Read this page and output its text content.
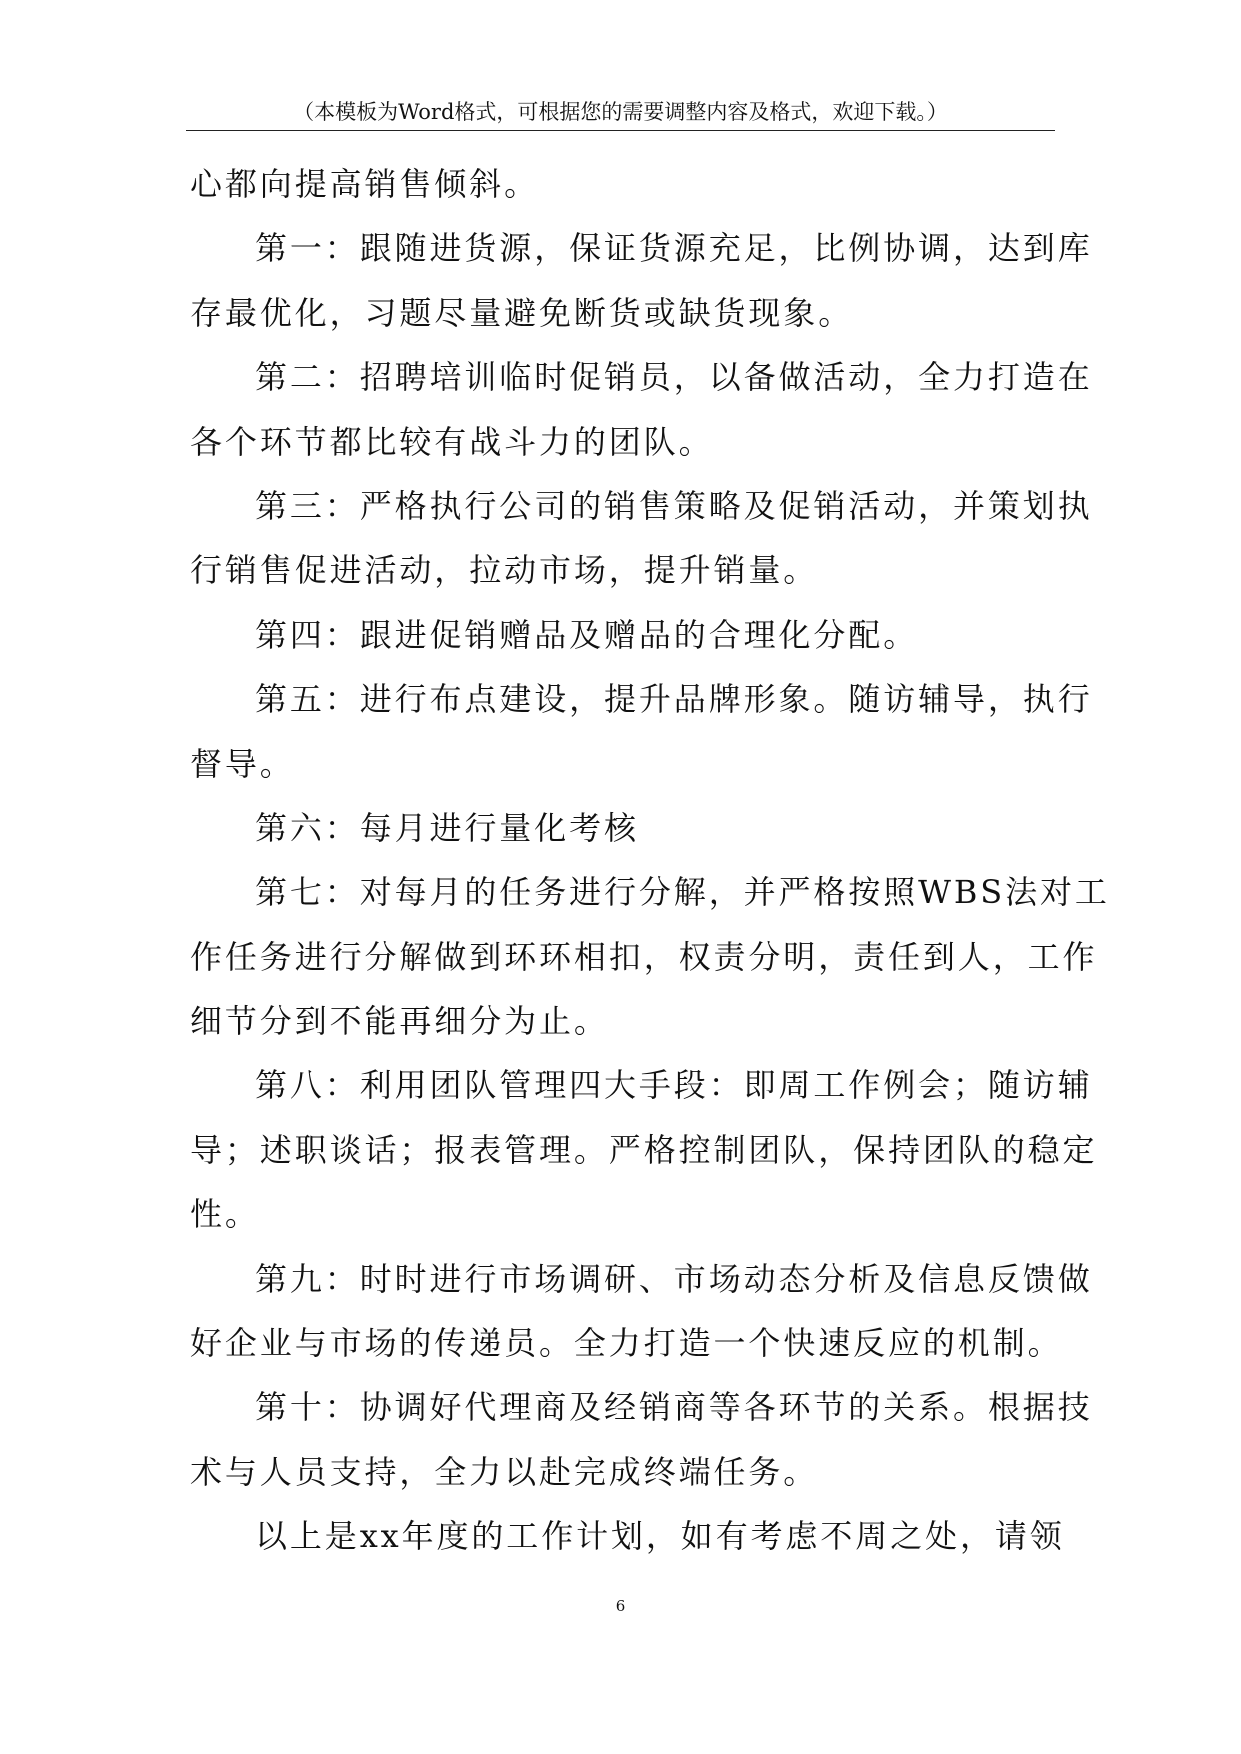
（本模板为Word格式，可根据您的需要调整内容及格式，欢迎下载。）
心都向提高销售倾斜。
第一：跟随进货源，保证货源充足，比例协调，达到库
存最优化，习题尽量避免断货或缺货现象。
第二：招聘培训临时促销员，以备做活动，全力打造在
各个环节都比较有战斗力的团队。
第三：严格执行公司的销售策略及促销活动，并策划执
行销售促进活动，拉动市场，提升销量。
第四：跟进促销赠品及赠品的合理化分配。
第五：进行布点建设，提升品牌形象。随访辅导，执行
督导。
第六：每月进行量化考核
第七：对每月的任务进行分解，并严格按照WBS法对工
作任务进行分解做到环环相扣，权责分明，责任到人，工作
细节分到不能再细分为止。
第八：利用团队管理四大手段：即周工作例会；随访辅
导；述职谈话；报表管理。严格控制团队，保持团队的稳定
性。
第九：时时进行市场调研、市场动态分析及信息反馈做
好企业与市场的传递员。全力打造一个快速反应的机制。
第十：协调好代理商及经销商等各环节的关系。根据技
术与人员支持，全力以赴完成终端任务。
以上是xx年度的工作计划，如有考虑不周之处，请领
6
